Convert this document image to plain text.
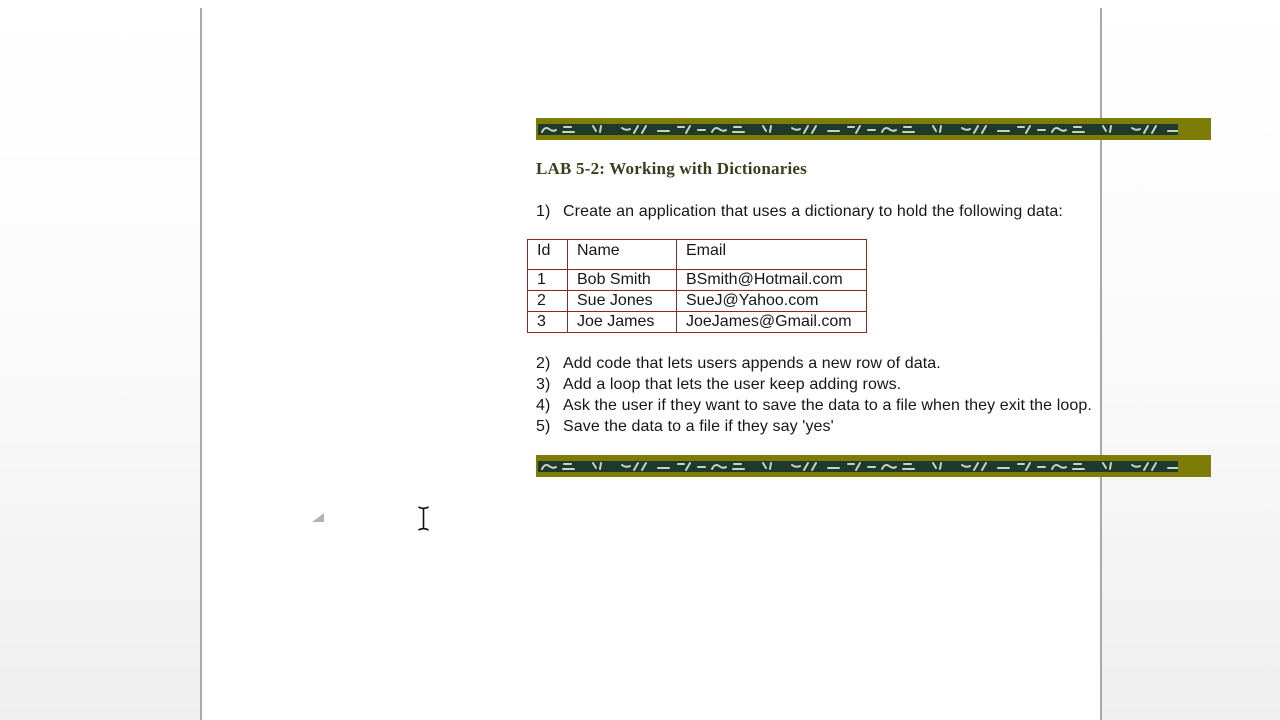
LAB 5-2: Working with Dictionaries
1) Create an application that uses a dictionary to hold the following data:
Id	Name	Email
1	Bob Smith	BSmith@Hotmail.com
2	Sue Jones	SueJ@Yahoo.com
3	Joe James	JoeJames@Gmail.com
2) Add code that lets users appends a new row of data.
3) Add a loop that lets the user keep adding rows.
4) Ask the user if they want to save the data to a file when they exit the loop.
5) Save the data to a file if they say 'yes'
